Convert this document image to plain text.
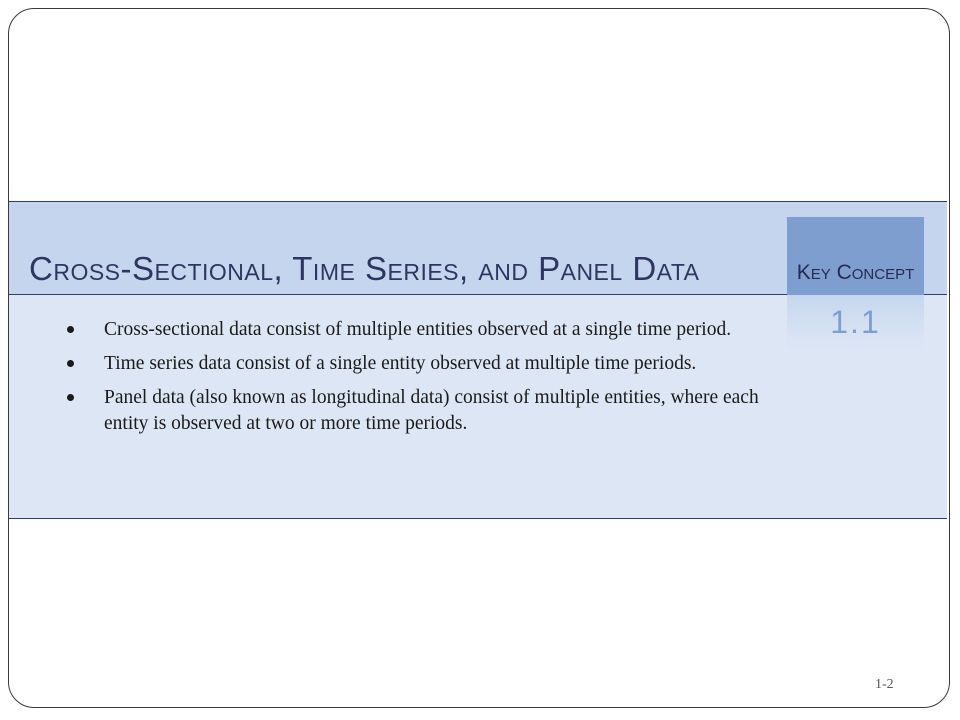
Cross-Sectional, Time Series, and Panel Data	Key Concept
1.1
Cross-sectional data consist of multiple entities observed at a single time period.
Time series data consist of a single entity observed at multiple time periods.
Panel data (also known as longitudinal data) consist of multiple entities, where each entity is observed at two or more time periods.
1-2
